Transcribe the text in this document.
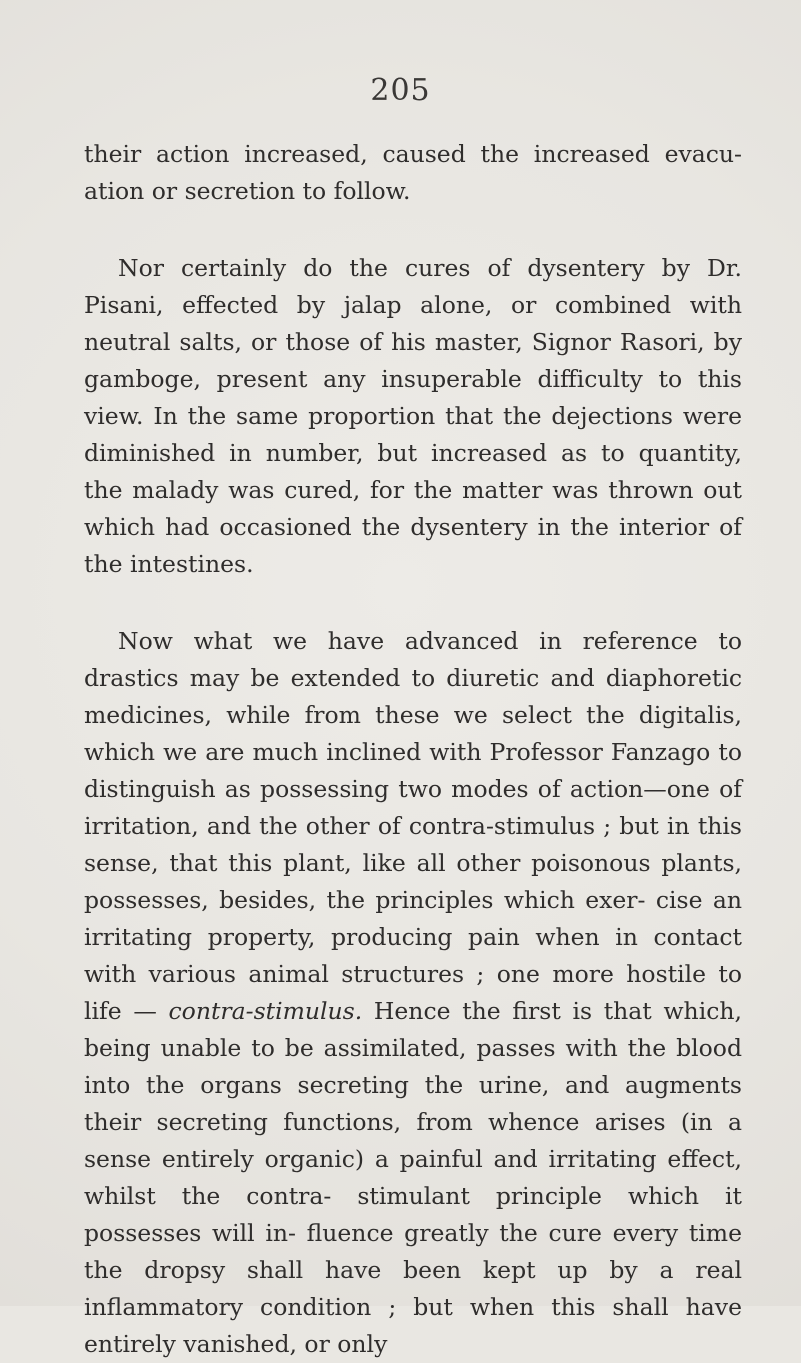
205

their action increased, caused the increased evacu- ation or secretion to follow.

Nor certainly do the cures of dysentery by Dr. Pisani, effected by jalap alone, or combined with neutral salts, or those of his master, Signor Rasori, by gamboge, present any insuperable difficulty to this view. In the same proportion that the dejections were diminished in number, but increased as to quantity, the malady was cured, for the matter was thrown out which had occasioned the dysentery in the interior of the intestines.

Now what we have advanced in reference to drastics may be extended to diuretic and diaphoretic medicines, while from these we select the digitalis, which we are much inclined with Professor Fanzago to distinguish as possessing two modes of action—one of irritation, and the other of contra-stimulus ; but in this sense, that this plant, like all other poisonous plants, possesses, besides, the principles which exer- cise an irritating property, producing pain when in contact with various animal structures ; one more hostile to life — contra-stimulus. Hence the first is that which, being unable to be assimilated, passes with the blood into the organs secreting the urine, and augments their secreting functions, from whence arises (in a sense entirely organic) a painful and irritating effect, whilst the contra- stimulant principle which it possesses will in- fluence greatly the cure every time the dropsy shall have been kept up by a real inflammatory condition ; but when this shall have entirely vanished, or only
